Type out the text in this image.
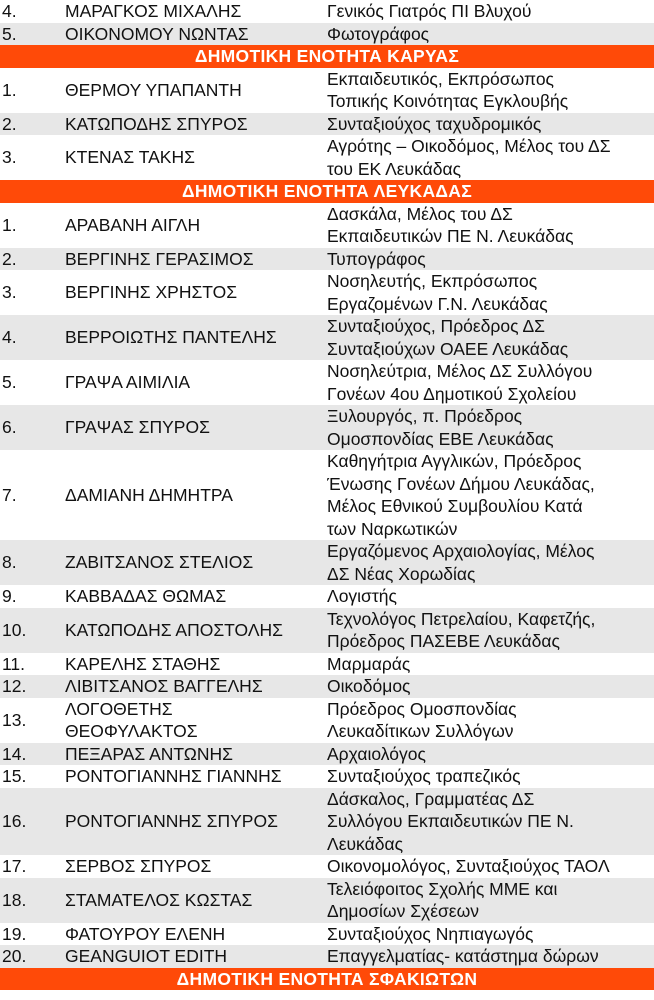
4.	ΜΑΡΑΓΚΟΣ ΜΙΧΑΛΗΣ	Γενικός Γιατρός ΠΙ Βλυχού

5.	ΟΙΚΟΝΟΜΟΥ ΝΩΝΤΑΣ	Φωτογράφος

ΔΗΜΟΤΙΚΗ ΕΝΟΤΗΤΑ ΚΑΡΥΑΣ		
1.	ΘΕΡΜΟΥ ΥΠΑΠΑΝΤΗ	Εκπαιδευτικός, Εκπρόσωπος
Τοπικής Κοινότητας Εγκλουβής

2.	ΚΑΤΩΠΟΔΗΣ ΣΠΥΡΟΣ	Συνταξιούχος ταχυδρομικός

3.	ΚΤΕΝΑΣ ΤΑΚΗΣ	Αγρότης – Οικοδόμος, Μέλος του ΔΣ
του ΕΚ Λευκάδας

ΔΗΜΟΤΙΚΗ ΕΝΟΤΗΤΑ ΛΕΥΚΑΔΑΣ		
1.	ΑΡΑΒΑΝΗ ΑΙΓΛΗ	Δασκάλα, Μέλος του ΔΣ
Εκπαιδευτικών ΠΕ Ν. Λευκάδας

2.	ΒΕΡΓΙΝΗΣ ΓΕΡΑΣΙΜΟΣ	Τυπογράφος

3.	ΒΕΡΓΙΝΗΣ ΧΡΗΣΤΟΣ	Νοσηλευτής, Εκπρόσωπος
Εργαζομένων Γ.Ν. Λευκάδας

4.	ΒΕΡΡΟΙΩΤΗΣ ΠΑΝΤΕΛΗΣ	Συνταξιούχος, Πρόεδρος ΔΣ
Συνταξιούχων ΟΑΕΕ Λευκάδας

5.	ΓΡΑΨΑ ΑΙΜΙΛΙΑ	Νοσηλεύτρια, Μέλος ΔΣ Συλλόγου
Γονέων 4ου Δημοτικού Σχολείου

6.	ΓΡΑΨΑΣ ΣΠΥΡΟΣ	Ξυλουργός, π. Πρόεδρος
Ομοσπονδίας ΕΒΕ Λευκάδας

7.	ΔΑΜΙΑΝΗ ΔΗΜΗΤΡΑ	Καθηγήτρια Αγγλικών, Πρόεδρος
Ένωσης Γονέων Δήμου Λευκάδας,
Μέλος Εθνικού Συμβουλίου Κατά
των Ναρκωτικών

8.	ΖΑΒΙΤΣΑΝΟΣ ΣΤΕΛΙΟΣ	Εργαζόμενος Αρχαιολογίας, Μέλος
ΔΣ Νέας Χορωδίας

9.	ΚΑΒΒΑΔΑΣ ΘΩΜΑΣ	Λογιστής

10.	ΚΑΤΩΠΟΔΗΣ ΑΠΟΣΤΟΛΗΣ	Τεχνολόγος Πετρελαίου, Καφετζής,
Πρόεδρος ΠΑΣΕΒΕ Λευκάδας

11.	ΚΑΡΕΛΗΣ ΣΤΑΘΗΣ	Μαρμαράς

12.	ΛΙΒΙΤΣΑΝΟΣ ΒΑΓΓΕΛΗΣ	Οικοδόμος

13.	ΛΟΓΟΘΕΤΗΣ
ΘΕΟΦΥΛΑΚΤΟΣ	Πρόεδρος Ομοσπονδίας
Λευκαδίτικων Συλλόγων

14.	ΠΕΞΑΡΑΣ ΑΝΤΩΝΗΣ	Αρχαιολόγος

15.	ΡΟΝΤΟΓΙΑΝΝΗΣ ΓΙΑΝΝΗΣ	Συνταξιούχος τραπεζικός

16.	ΡΟΝΤΟΓΙΑΝΝΗΣ ΣΠΥΡΟΣ	Δάσκαλος, Γραμματέας ΔΣ
Συλλόγου Εκπαιδευτικών ΠΕ Ν.
Λευκάδας

17.	ΣΕΡΒΟΣ ΣΠΥΡΟΣ	Οικονομολόγος, Συνταξιούχος ΤΑΟΛ

18.	ΣΤΑΜΑΤΕΛΟΣ ΚΩΣΤΑΣ	Τελειόφοιτος Σχολής ΜΜΕ και
Δημοσίων Σχέσεων

19.	ΦΑΤΟΥΡΟΥ ΕΛΕΝΗ	Συνταξιούχος Νηπιαγωγός

20.	GEANGUIOT EDITH	Επαγγελματίας- κατάστημα δώρων

ΔΗΜΟΤΙΚΗ ΕΝΟΤΗΤΑ ΣΦΑΚΙΩΤΩΝ		
